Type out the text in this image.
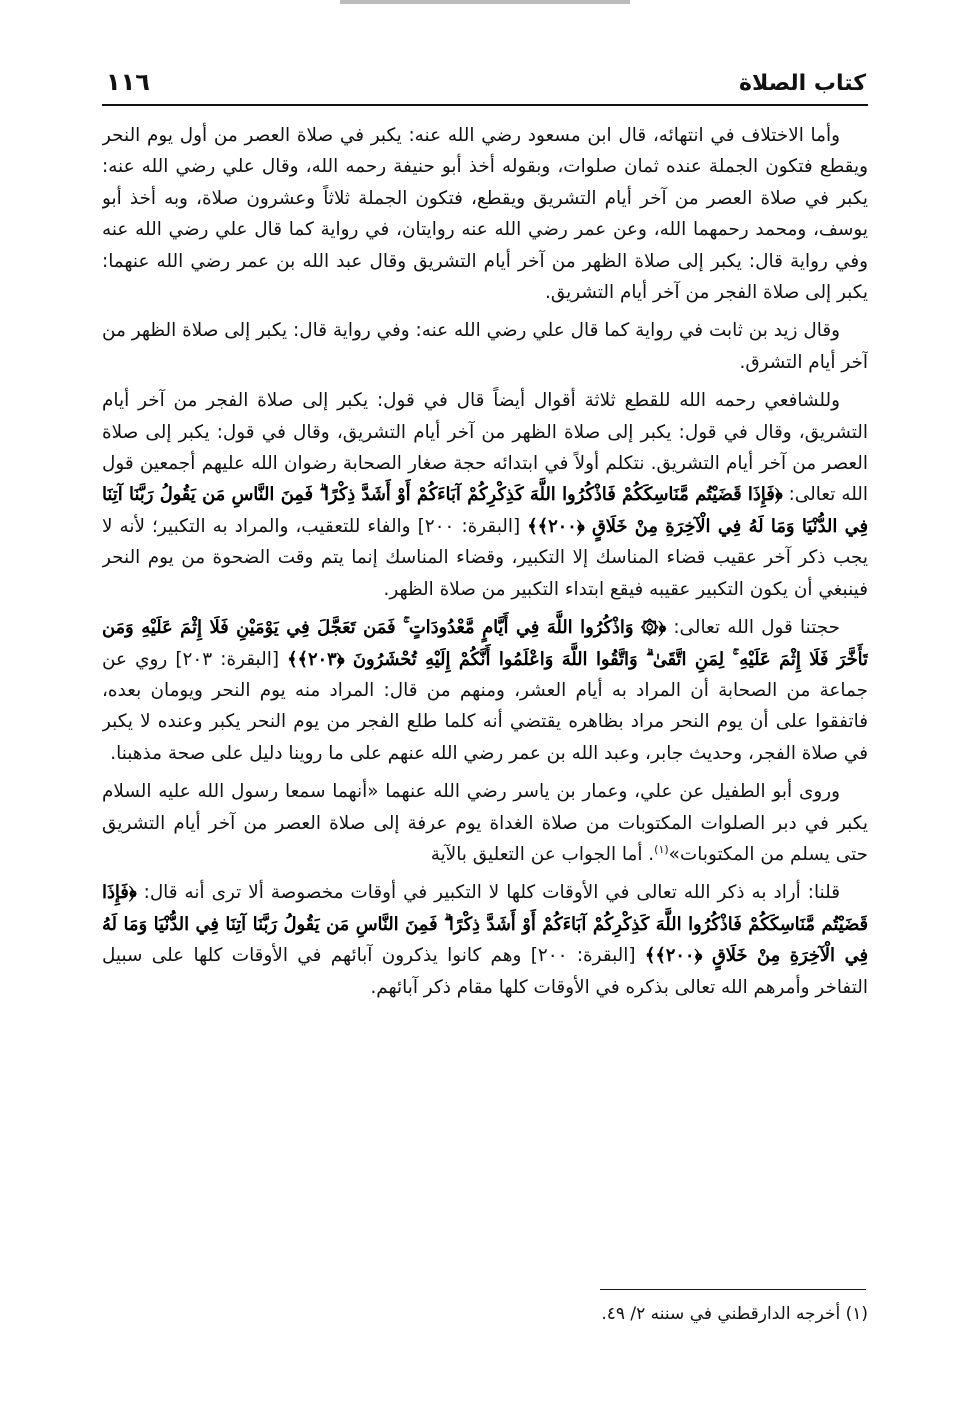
كتاب الصلاة
١١٦

وأما الاختلاف في انتهائه، قال ابن مسعود رضي الله عنه: يكبر في صلاة العصر من أول يوم النحر ويقطع فتكون الجملة عنده ثمان صلوات، وبقوله أخذ أبو حنيفة رحمه الله، وقال علي رضي الله عنه: يكبر في صلاة العصر من آخر أيام التشريق ويقطع، فتكون الجملة ثلاثاً وعشرون صلاة، وبه أخذ أبو يوسف، ومحمد رحمهما الله، وعن عمر رضي الله عنه روايتان، في رواية كما قال علي رضي الله عنه وفي رواية قال: يكبر إلى صلاة الظهر من آخر أيام التشريق وقال عبد الله بن عمر رضي الله عنهما: يكبر إلى صلاة الفجر من آخر أيام التشريق.

وقال زيد بن ثابت في رواية كما قال علي رضي الله عنه: وفي رواية قال: يكبر إلى صلاة الظهر من آخر أيام التشرق.

وللشافعي رحمه الله للقطع ثلاثة أقوال أيضاً قال في قول: يكبر إلى صلاة الفجر من آخر أيام التشريق، وقال في قول: يكبر إلى صلاة الظهر من آخر أيام التشريق، وقال في قول: يكبر إلى صلاة العصر من آخر أيام التشريق. نتكلم أولاً في ابتدائه حجة صغار الصحابة رضوان الله عليهم أجمعين قول الله تعالى: ﴿فَإِذَا قَضَيْتُم مَّنَاسِكَكُمْ فَاذْكُرُوا اللَّهَ كَذِكْرِكُمْ آبَاءَكُمْ أَوْ أَشَدَّ ذِكْرًا ۗ فَمِنَ النَّاسِ مَن يَقُولُ رَبَّنَا آتِنَا فِي الدُّنْيَا وَمَا لَهُ فِي الْآخِرَةِ مِنْ خَلَاقٍ ﴿٢٠٠﴾﴾ [البقرة: ٢٠٠] والفاء للتعقيب، والمراد به التكبير؛ لأنه لا يجب ذكر آخر عقيب قضاء المناسك إلا التكبير، وقضاء المناسك إنما يتم وقت الضحوة من يوم النحر فينبغي أن يكون التكبير عقيبه فيقع ابتداء التكبير من صلاة الظهر.

حجتنا قول الله تعالى: ﴿۞ وَاذْكُرُوا اللَّهَ فِي أَيَّامٍ مَّعْدُودَاتٍ ۚ فَمَن تَعَجَّلَ فِي يَوْمَيْنِ فَلَا إِثْمَ عَلَيْهِ وَمَن تَأَخَّرَ فَلَا إِثْمَ عَلَيْهِ ۚ لِمَنِ اتَّقَىٰ ۗ وَاتَّقُوا اللَّهَ وَاعْلَمُوا أَنَّكُمْ إِلَيْهِ تُحْشَرُونَ ﴿٢٠٣﴾﴾ [البقرة: ٢٠٣] روي عن جماعة من الصحابة أن المراد به أيام العشر، ومنهم من قال: المراد منه يوم النحر ويومان بعده، فاتفقوا على أن يوم النحر مراد بظاهره يقتضي أنه كلما طلع الفجر من يوم النحر يكبر وعنده لا يكبر في صلاة الفجر، وحديث جابر، وعبد الله بن عمر رضي الله عنهم على ما روينا دليل على صحة مذهبنا.

وروى أبو الطفيل عن علي، وعمار بن ياسر رضي الله عنهما «أنهما سمعا رسول الله عليه السلام يكبر في دبر الصلوات المكتوبات من صلاة الغداة يوم عرفة إلى صلاة العصر من آخر أيام التشريق حتى يسلم من المكتوبات»$^{(١)}$. أما الجواب عن التعليق بالآية

قلنا: أراد به ذكر الله تعالى في الأوقات كلها لا التكبير في أوقات مخصوصة ألا ترى أنه قال: ﴿فَإِذَا قَضَيْتُم مَّنَاسِكَكُمْ فَاذْكُرُوا اللَّهَ كَذِكْرِكُمْ آبَاءَكُمْ أَوْ أَشَدَّ ذِكْرًا ۗ فَمِنَ النَّاسِ مَن يَقُولُ رَبَّنَا آتِنَا فِي الدُّنْيَا وَمَا لَهُ فِي الْآخِرَةِ مِنْ خَلَاقٍ ﴿٢٠٠﴾﴾ [البقرة: ٢٠٠] وهم كانوا يذكرون آبائهم في الأوقات كلها على سبيل التفاخر وأمرهم الله تعالى بذكره في الأوقات كلها مقام ذكر آبائهم.

(١) أخرجه الدارقطني في سننه ٢/ ٤٩.
